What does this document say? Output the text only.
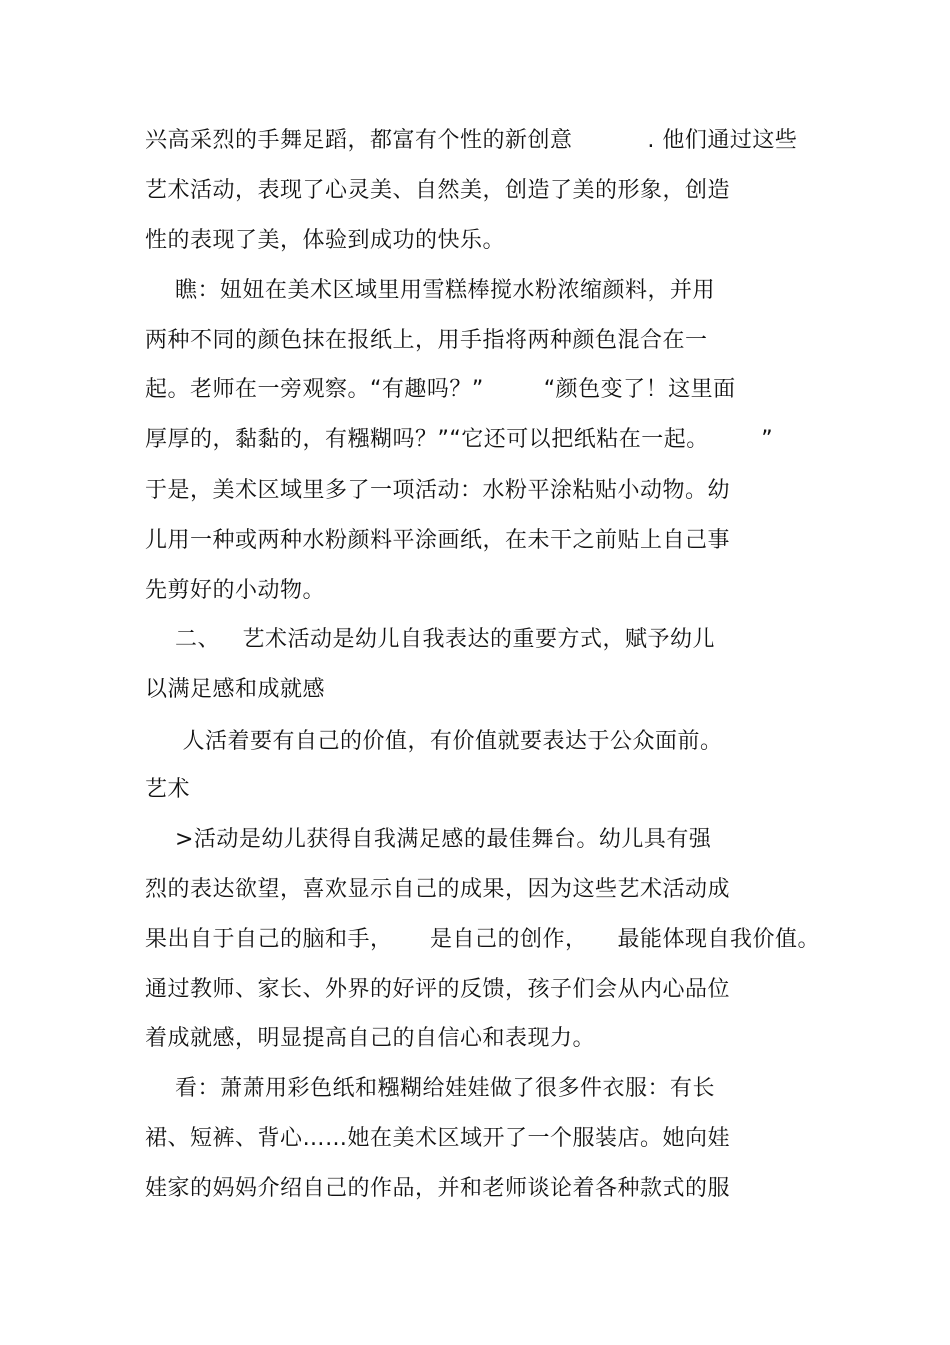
兴高采烈的手舞足蹈，都富有个性的新创意          . 他们通过这些
艺术活动，表现了心灵美、自然美，创造了美的形象，创造
性的表现了美，体验到成功的快乐。
瞧：妞妞在美术区域里用雪糕棒搅水粉浓缩颜料，并用
两种不同的颜色抹在报纸上，用手指将两种颜色混合在一
起。老师在一旁观察。“有趣吗？”        “颜色变了！这里面
厚厚的，黏黏的，有糨糊吗？”“它还可以把纸粘在一起。       ”
于是，美术区域里多了一项活动：水粉平涂粘贴小动物。幼
儿用一种或两种水粉颜料平涂画纸，在未干之前贴上自己事
先剪好的小动物。
二、   艺术活动是幼儿自我表达的重要方式，赋予幼儿
以满足感和成就感
人活着要有自己的价值，有价值就要表达于公众面前。
艺术
>活动是幼儿获得自我满足感的最佳舞台。幼儿具有强
烈的表达欲望，喜欢显示自己的成果，因为这些艺术活动成
果出自于自己的脑和手，     是自己的创作，    最能体现自我价值。
通过教师、家长、外界的好评的反馈，孩子们会从内心品位
着成就感，明显提高自己的自信心和表现力。
看：萧萧用彩色纸和糨糊给娃娃做了很多件衣服：有长
裙、短裤、背心……她在美术区域开了一个服装店。她向娃
娃家的妈妈介绍自己的作品，并和老师谈论着各种款式的服
